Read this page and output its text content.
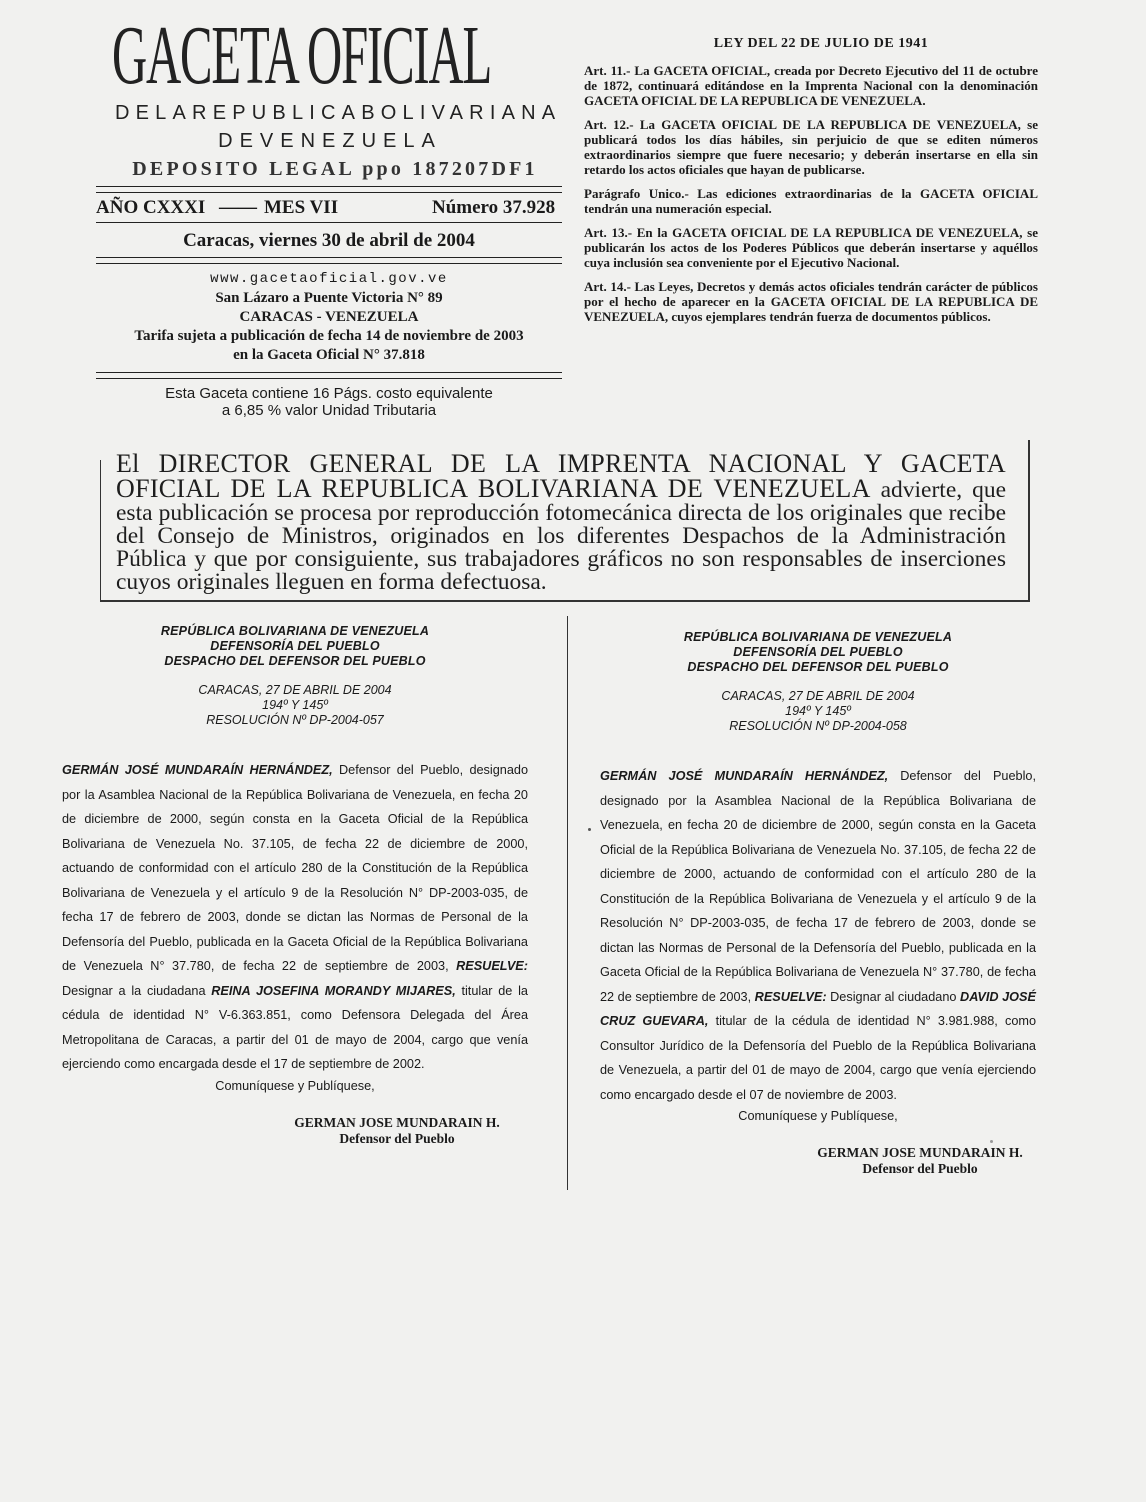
GACETA OFICIAL
DELAREPUBLICABOLIVARIANA
DEVENEZUELA
DEPOSITO LEGAL ppo 187207DF1
AÑO CXXXI —— MES VII	Número 37.928
Caracas, viernes 30 de abril de 2004
www.gacetaoficial.gov.ve
San Lázaro a Puente Victoria N° 89
CARACAS - VENEZUELA
Tarifa sujeta a publicación de fecha 14 de noviembre de 2003
en la Gaceta Oficial N° 37.818
Esta Gaceta contiene 16 Págs. costo equivalente
a 6,85 % valor Unidad Tributaria
LEY DEL 22 DE JULIO DE 1941

Art. 11.- La GACETA OFICIAL, creada por Decreto Ejecutivo del 11 de octubre de 1872, continuará editándose en la Imprenta Nacional con la denominación GACETA OFICIAL DE LA REPUBLICA DE VENEZUELA.

Art. 12.- La GACETA OFICIAL DE LA REPUBLICA DE VENEZUELA, se publicará todos los días hábiles, sin perjuicio de que se editen números extraordinarios siempre que fuere necesario; y deberán insertarse en ella sin retardo los actos oficiales que hayan de publicarse.

Parágrafo Unico.- Las ediciones extraordinarias de la GACETA OFICIAL tendrán una numeración especial.

Art. 13.- En la GACETA OFICIAL DE LA REPUBLICA DE VENEZUELA, se publicarán los actos de los Poderes Públicos que deberán insertarse y aquéllos cuya inclusión sea conveniente por el Ejecutivo Nacional.

Art. 14.- Las Leyes, Decretos y demás actos oficiales tendrán carácter de públicos por el hecho de aparecer en la GACETA OFICIAL DE LA REPUBLICA DE VENEZUELA, cuyos ejemplares tendrán fuerza de documentos públicos.

El DIRECTOR GENERAL DE LA IMPRENTA NACIONAL Y GACETA OFICIAL DE LA REPUBLICA BOLIVARIANA DE VENEZUELA advierte, que esta publicación se procesa por reproducción fotomecánica directa de los originales que recibe del Consejo de Ministros, originados en los diferentes Despachos de la Administración Pública y que por consiguiente, sus trabajadores gráficos no son responsables de inserciones cuyos originales lleguen en forma defectuosa.
REPÚBLICA BOLIVARIANA DE VENEZUELA
DEFENSORÍA DEL PUEBLO
DESPACHO DEL DEFENSOR DEL PUEBLO
CARACAS, 27 DE ABRIL DE 2004
194º Y 145º
RESOLUCIÓN Nº DP-2004-057
GERMÁN JOSÉ MUNDARAÍN HERNÁNDEZ, Defensor del Pueblo, designado por la Asamblea Nacional de la República Bolivariana de Venezuela, en fecha 20 de diciembre de 2000, según consta en la Gaceta Oficial de la República Bolivariana de Venezuela No. 37.105, de fecha 22 de diciembre de 2000, actuando de conformidad con el artículo 280 de la Constitución de la República Bolivariana de Venezuela y el artículo 9 de la Resolución N° DP-2003-035, de fecha 17 de febrero de 2003, donde se dictan las Normas de Personal de la Defensoría del Pueblo, publicada en la Gaceta Oficial de la República Bolivariana de Venezuela N° 37.780, de fecha 22 de septiembre de 2003, RESUELVE: Designar a la ciudadana REINA JOSEFINA MORANDY MIJARES, titular de la cédula de identidad N° V-6.363.851, como Defensora Delegada del Área Metropolitana de Caracas, a partir del 01 de mayo de 2004, cargo que venía ejerciendo como encargada desde el 17 de septiembre de 2002.
Comuníquese y Publíquese,
GERMAN JOSE MUNDARAIN H.
Defensor del Pueblo
REPÚBLICA BOLIVARIANA DE VENEZUELA
DEFENSORÍA DEL PUEBLO
DESPACHO DEL DEFENSOR DEL PUEBLO
CARACAS, 27 DE ABRIL DE 2004
194º Y 145º
RESOLUCIÓN Nº DP-2004-058
GERMÁN JOSÉ MUNDARAÍN HERNÁNDEZ, Defensor del Pueblo, designado por la Asamblea Nacional de la República Bolivariana de Venezuela, en fecha 20 de diciembre de 2000, según consta en la Gaceta Oficial de la República Bolivariana de Venezuela No. 37.105, de fecha 22 de diciembre de 2000, actuando de conformidad con el artículo 280 de la Constitución de la República Bolivariana de Venezuela y el artículo 9 de la Resolución N° DP-2003-035, de fecha 17 de febrero de 2003, donde se dictan las Normas de Personal de la Defensoría del Pueblo, publicada en la Gaceta Oficial de la República Bolivariana de Venezuela N° 37.780, de fecha 22 de septiembre de 2003, RESUELVE: Designar al ciudadano DAVID JOSÉ CRUZ GUEVARA, titular de la cédula de identidad N° 3.981.988, como Consultor Jurídico de la Defensoría del Pueblo de la República Bolivariana de Venezuela, a partir del 01 de mayo de 2004, cargo que venía ejerciendo como encargado desde el 07 de noviembre de 2003.
Comuníquese y Publíquese,
GERMAN JOSE MUNDARAIN H.
Defensor del Pueblo
